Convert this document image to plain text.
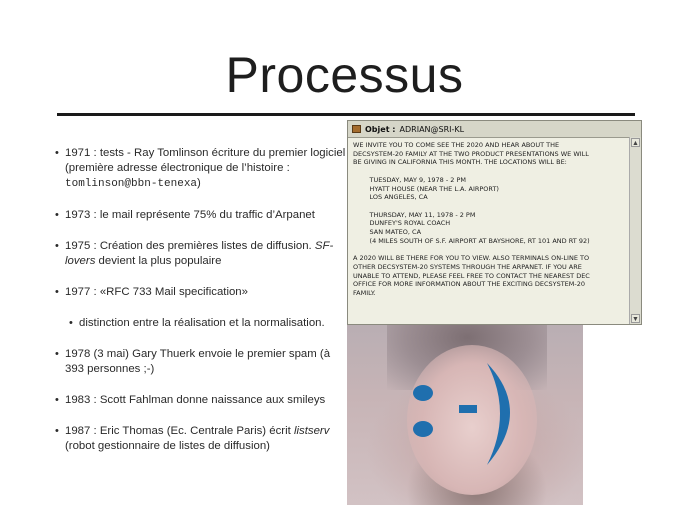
Processus
• 1971 : tests - Ray Tomlinson écriture du premier logiciel (première adresse électronique de l’histoire : tomlinson@bbn-tenexa)
• 1973 : le mail représente 75% du traffic d’Arpanet
• 1975 : Création des premières listes de diffusion. SF-lovers devient la plus populaire
• 1977 : «RFC 733 Mail specification»
• distinction entre la réalisation et la normalisation.
• 1978 (3 mai) Gary Thuerk envoie le premier spam (à 393 personnes ;-)
• 1983 : Scott Fahlman donne naissance aux smileys
• 1987 : Eric Thomas (Ec. Centrale Paris) écrit listserv (robot gestionnaire de listes de diffusion)
Objet : ADRIAN@SRI-KL
WE INVITE YOU TO COME SEE THE 2020 AND HEAR ABOUT THE
DECSYSTEM-20 FAMILY AT THE TWO PRODUCT PRESENTATIONS WE WILL
BE GIVING IN CALIFORNIA THIS MONTH. THE LOCATIONS WILL BE:

TUESDAY, MAY 9, 1978 - 2 PM
HYATT HOUSE (NEAR THE L.A. AIRPORT)
LOS ANGELES, CA

THURSDAY, MAY 11, 1978 - 2 PM
DUNFEY'S ROYAL COACH
SAN MATEO, CA
(4 MILES SOUTH OF S.F. AIRPORT AT BAYSHORE, RT 101 AND RT 92)

A 2020 WILL BE THERE FOR YOU TO VIEW. ALSO TERMINALS ON-LINE TO
OTHER DECSYSTEM-20 SYSTEMS THROUGH THE ARPANET. IF YOU ARE
UNABLE TO ATTEND, PLEASE FEEL FREE TO CONTACT THE NEAREST DEC
OFFICE FOR MORE INFORMATION ABOUT THE EXCITING DECSYSTEM-20
FAMILY.
▲
▼
